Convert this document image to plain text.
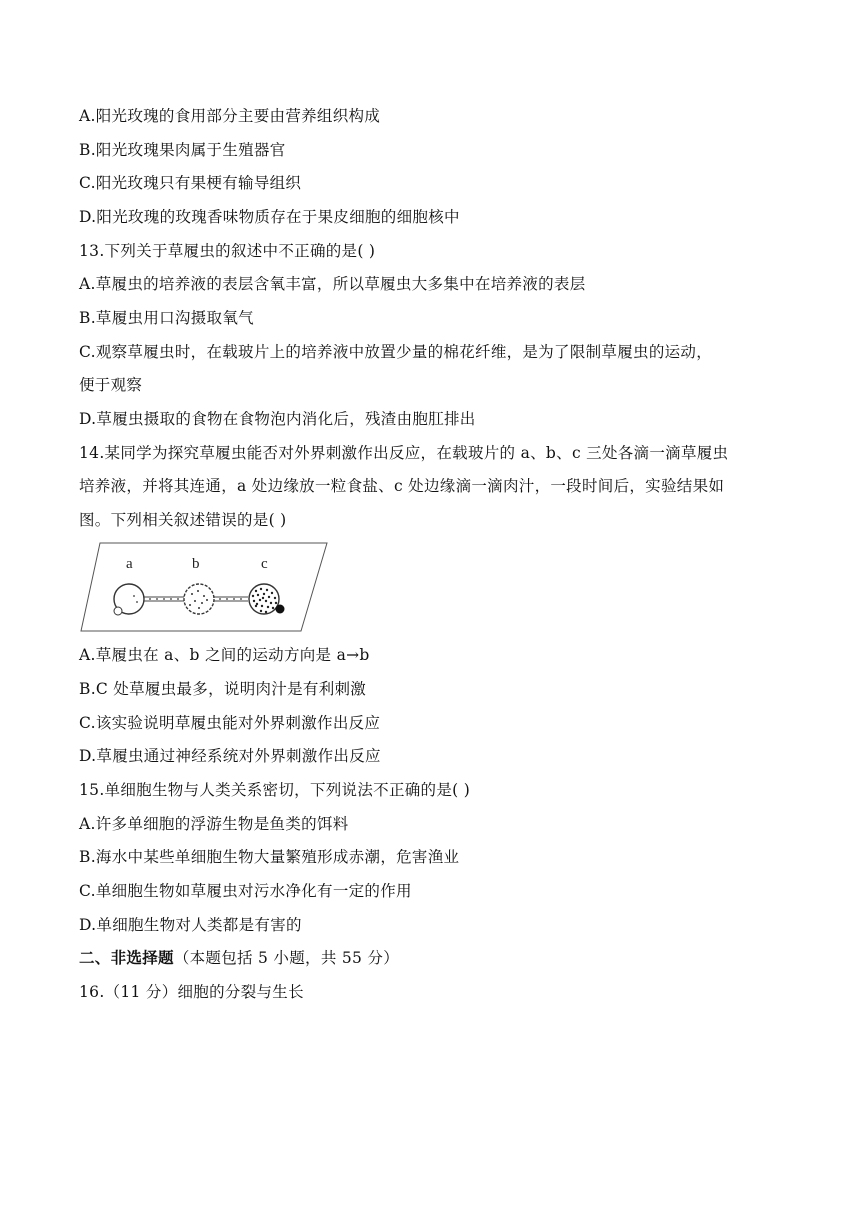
A.阳光玫瑰的食用部分主要由营养组织构成
B.阳光玫瑰果肉属于生殖器官
C.阳光玫瑰只有果梗有输导组织
D.阳光玫瑰的玫瑰香味物质存在于果皮细胞的细胞核中
13.下列关于草履虫的叙述中不正确的是( )
A.草履虫的培养液的表层含氧丰富，所以草履虫大多集中在培养液的表层
B.草履虫用口沟摄取氧气
C.观察草履虫时，在载玻片上的培养液中放置少量的棉花纤维，是为了限制草履虫的运动，
便于观察
D.草履虫摄取的食物在食物泡内消化后，残渣由胞肛排出
14.某同学为探究草履虫能否对外界刺激作出反应，在载玻片的 a、b、c 三处各滴一滴草履虫
培养液，并将其连通，a 处边缘放一粒食盐、c 处边缘滴一滴肉汁，一段时间后，实验结果如
图。下列相关叙述错误的是( )
a	b	c
A.草履虫在 a、b 之间的运动方向是 a→b
B.C 处草履虫最多，说明肉汁是有利刺激
C.该实验说明草履虫能对外界刺激作出反应
D.草履虫通过神经系统对外界刺激作出反应
15.单细胞生物与人类关系密切，下列说法不正确的是( )
A.许多单细胞的浮游生物是鱼类的饵料
B.海水中某些单细胞生物大量繁殖形成赤潮，危害渔业
C.单细胞生物如草履虫对污水净化有一定的作用
D.单细胞生物对人类都是有害的
二、非选择题（本题包括 5 小题，共 55 分）
16.（11 分）细胞的分裂与生长
